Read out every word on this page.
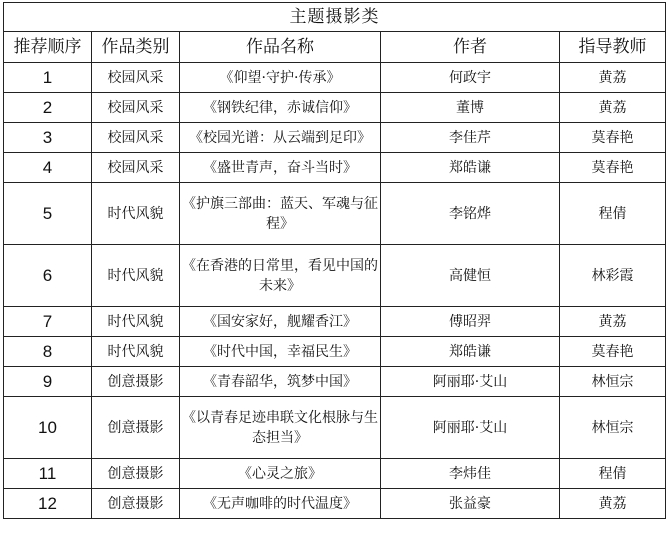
主题摄影类				
推荐顺序	作品类别	作品名称	作者	指导教师
1	校园风采	《仰望·守护·传承》	何政宇	黄荔
2	校园风采	《钢铁纪律，赤诚信仰》	董博	黄荔
3	校园风采	《校园光谱：从云端到足印》	李佳芹	莫春艳
4	校园风采	《盛世青声，奋斗当时》	郑皓谦	莫春艳
5	时代风貌	《护旗三部曲：蓝天、军魂与征程》	李铭烨	程倩
6	时代风貌	《在香港的日常里，看见中国的未来》	高健恒	林彩霞
7	时代风貌	《国安家好，舰耀香江》	傅昭羿	黄荔
8	时代风貌	《时代中国，幸福民生》	郑皓谦	莫春艳
9	创意摄影	《青春韶华，筑梦中国》	阿丽耶·艾山	林恒宗
10	创意摄影	《以青春足迹串联文化根脉与生态担当》	阿丽耶·艾山	林恒宗
11	创意摄影	《心灵之旅》	李炜佳	程倩
12	创意摄影	《无声咖啡的时代温度》	张益豪	黄荔
